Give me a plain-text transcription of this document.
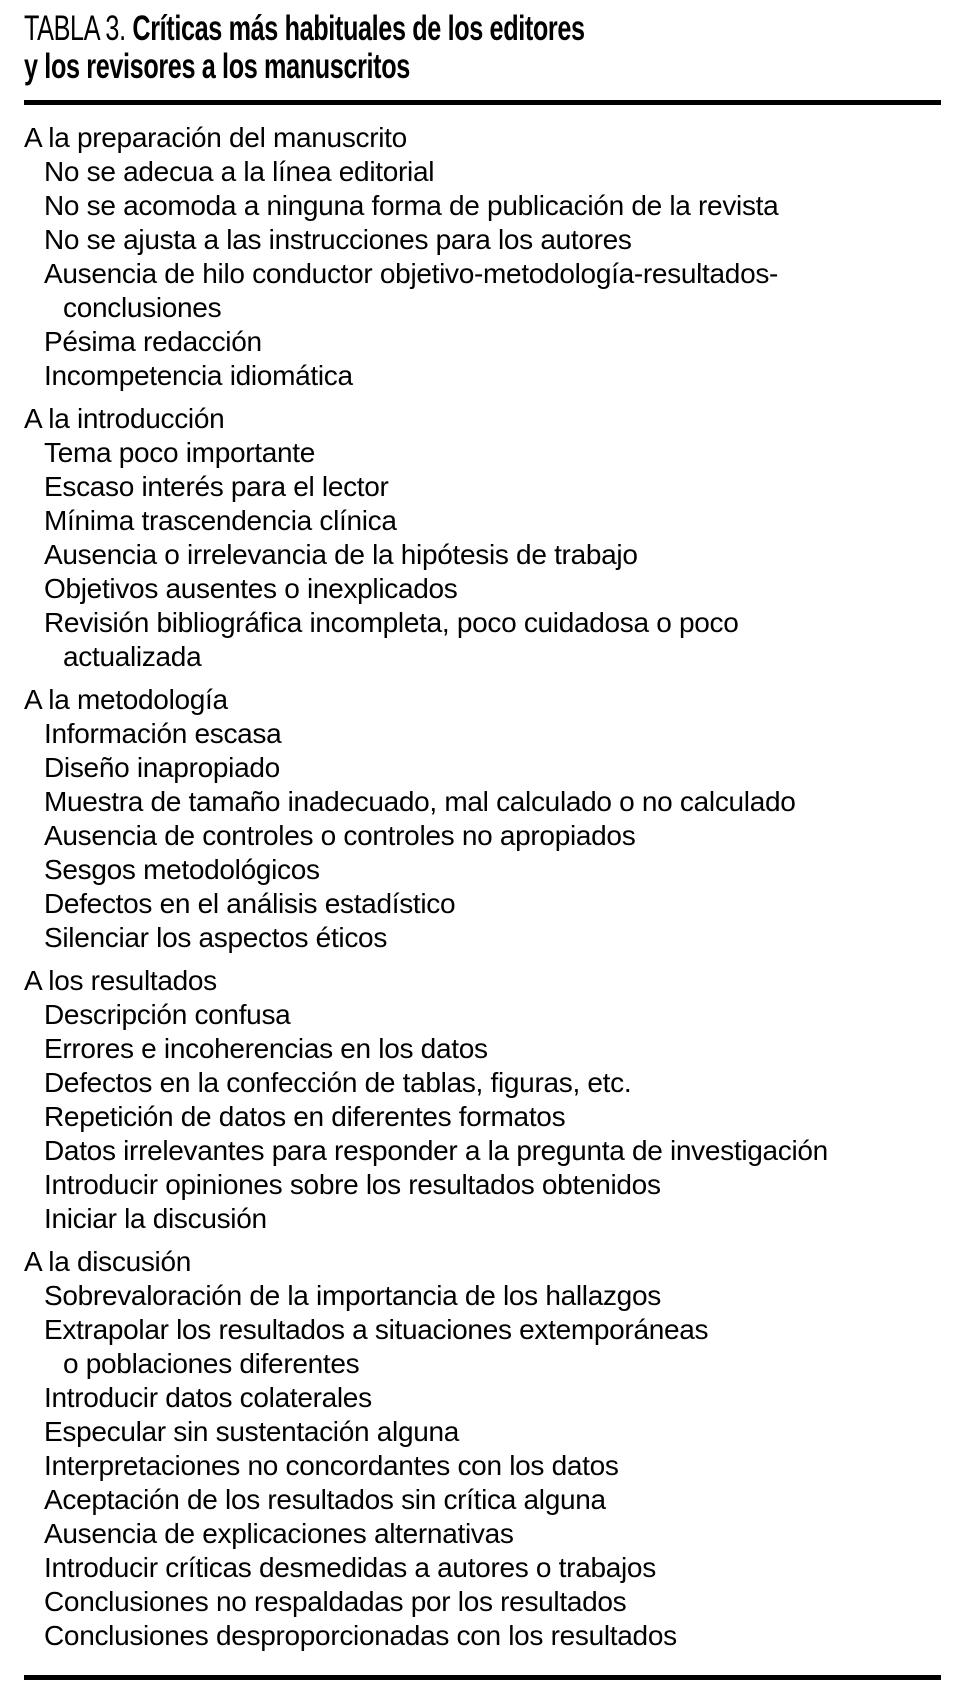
TABLA 3. Críticas más habituales de los editores
y los revisores a los manuscritos
A la preparación del manuscrito
No se adecua a la línea editorial
No se acomoda a ninguna forma de publicación de la revista
No se ajusta a las instrucciones para los autores
Ausencia de hilo conductor objetivo-metodología-resultados-
conclusiones
Pésima redacción
Incompetencia idiomática
A la introducción
Tema poco importante
Escaso interés para el lector
Mínima trascendencia clínica
Ausencia o irrelevancia de la hipótesis de trabajo
Objetivos ausentes o inexplicados
Revisión bibliográfica incompleta, poco cuidadosa o poco
actualizada
A la metodología
Información escasa
Diseño inapropiado
Muestra de tamaño inadecuado, mal calculado o no calculado
Ausencia de controles o controles no apropiados
Sesgos metodológicos
Defectos en el análisis estadístico
Silenciar los aspectos éticos
A los resultados
Descripción confusa
Errores e incoherencias en los datos
Defectos en la confección de tablas, figuras, etc.
Repetición de datos en diferentes formatos
Datos irrelevantes para responder a la pregunta de investigación
Introducir opiniones sobre los resultados obtenidos
Iniciar la discusión
A la discusión
Sobrevaloración de la importancia de los hallazgos
Extrapolar los resultados a situaciones extemporáneas
o poblaciones diferentes
Introducir datos colaterales
Especular sin sustentación alguna
Interpretaciones no concordantes con los datos
Aceptación de los resultados sin crítica alguna
Ausencia de explicaciones alternativas
Introducir críticas desmedidas a autores o trabajos
Conclusiones no respaldadas por los resultados
Conclusiones desproporcionadas con los resultados
